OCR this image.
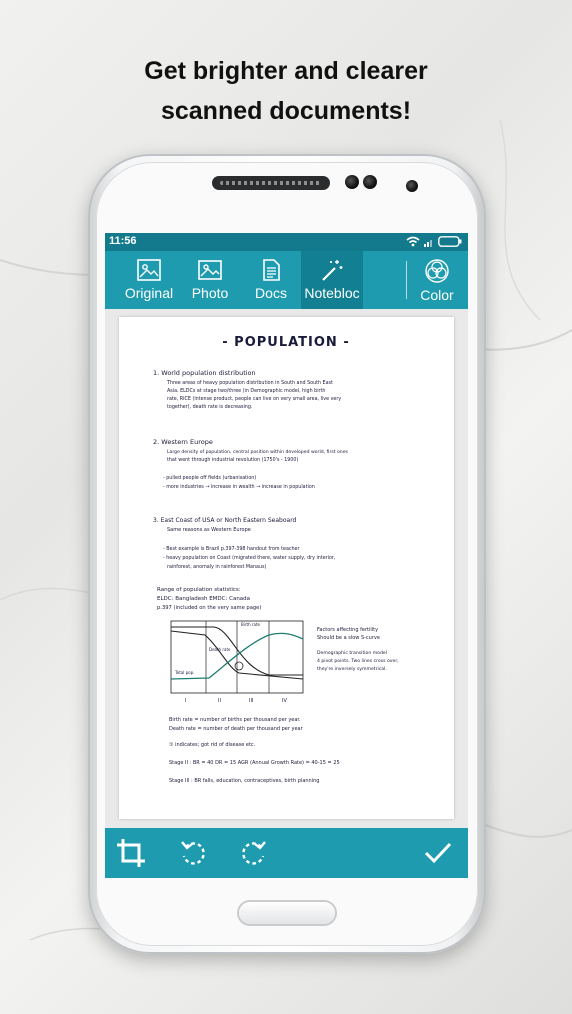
Get brighter and clearer
scanned documents!
11:56
Original Photo Docs Notebloc	Color
- POPULATION -
1. World population distribution
Three areas of heavy population distribution in South and South East
Asia. ELDCs at stage two/three (in Demographic model, high birth
rate, RICE (intense product, people can live on very small area, live very
together), death rate is decreasing.
2. Western Europe
Large density of population, central position within developed world, first ones
that went through industrial revolution (1750's - 1900)
- pulled people off fields (urbanisation)
- more industries → increase in wealth → increase in population
3. East Coast of USA or North Eastern Seaboard
Same reasons as Western Europe
- Best example is Brazil p.397-398 handout from teacher
- heavy population on Coast (migrated there, water supply, dry interior,
rainforest, anomaly in rainforest Manaus)
Range of population statistics:
ELDC: Bangladesh EMDC: Canada
p.397 (included on the very same page)
Birth rate
Death rate
Total pop.
I	II	III	IV
Factors affecting fertility
Should be a slow S-curve
Demographic transition model
4 pivot points. Two lines cross over,
they're inversely symmetrical.
Birth rate = number of births per thousand per year.
Death rate = number of death per thousand per year
① indicates; got rid of disease etc.
Stage II : BR = 40 DR = 15 AGR (Annual Growth Rate) = 40-15 = 25
Stage III : BR falls, education, contraceptives, birth planning
